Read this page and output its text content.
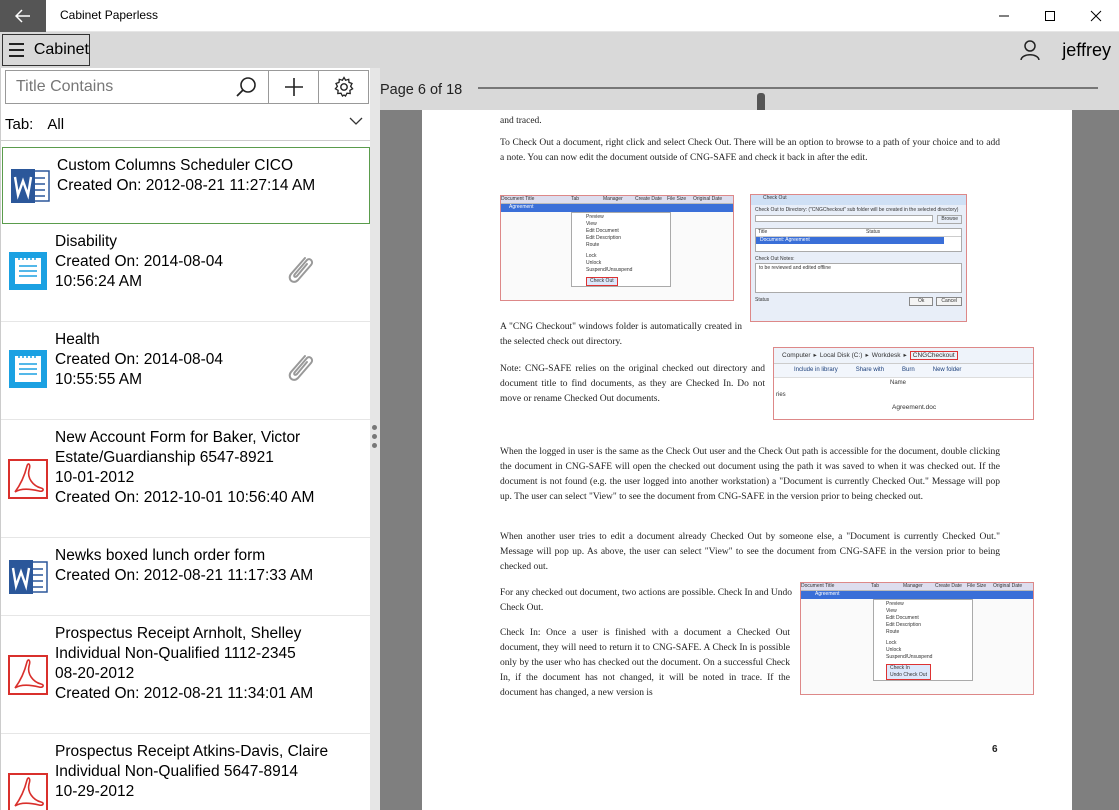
Cabinet Paperless
Cabinet	jeffrey
Title Contains
Tab: All
Custom Columns Scheduler CICO
Created On: 2012-08-21 11:27:14 AM
Disability
Created On: 2014-08-04
10:56:24 AM
Health
Created On: 2014-08-04
10:55:55 AM
New Account Form for Baker, Victor
Estate/Guardianship 6547-8921
10-01-2012
Created On: 2012-10-01 10:56:40 AM
Newks boxed lunch order form
Created On: 2012-08-21 11:17:33 AM
Prospectus Receipt Arnholt, Shelley
Individual Non-Qualified 1112-2345
08-20-2012
Created On: 2012-08-21 11:34:01 AM
Prospectus Receipt Atkins-Davis, Claire
Individual Non-Qualified 5647-8914
10-29-2012
Page 6 of 18

and traced.

To Check Out a document, right click and select Check Out. There will be an option to browse to a path of your choice and to add a note. You can now edit the document outside of CNG-SAFE and check it back in after the edit.

Document Title	Tab	Manager	Create Date	File Size	Original Date
Agreement
Preview
View
Edit Document
Edit Description
Route
Lock
Unlock
Suspend/Unsuspend
Check Out
Check Out
Check Out to Directory: ("CNGCheckout" sub folder will be created in the selected directory)
Browse
Title	Status
Document: Agreement
Check Out Notes:
to be reviewed and edited offline
Status	Ok	Cancel

A "CNG Checkout" windows folder is automatically created in the selected check out directory.

Computer ▸ Local Disk (C:) ▸ Workdesk ▸ CNGCheckout
Include in library	Share with	Burn	New folder
Name
ries
Agreement.doc

Note: CNG-SAFE relies on the original checked out directory and document title to find documents, as they are Checked In. Do not move or rename Checked Out documents.

When the logged in user is the same as the Check Out user and the Check Out path is accessible for the document, double clicking the document in CNG-SAFE will open the checked out document using the path it was saved to when it was checked out. If the document is not found (e.g. the user logged into another workstation) a "Document is currently Checked Out." Message will pop up. The user can select "View" to see the document from CNG-SAFE in the version prior to being checked out.

When another user tries to edit a document already Checked Out by someone else, a "Document is currently Checked Out." Message will pop up. As above, the user can select "View" to see the document from CNG-SAFE in the version prior to being checked out.

Document Title	Tab	Manager	Create Date	File Size	Original Date
Agreement
Preview
View
Edit Document
Edit Description
Route
Lock
Unlock
Suspend/Unsuspend
Check In
Undo Check Out

For any checked out document, two actions are possible. Check In and Undo Check Out.

Check In: Once a user is finished with a document a Checked Out document, they will need to return it to CNG-SAFE. A Check In is possible only by the user who has checked out the document. On a successful Check In, if the document has not changed, it will be noted in trace. If the document has changed, a new version is

6
